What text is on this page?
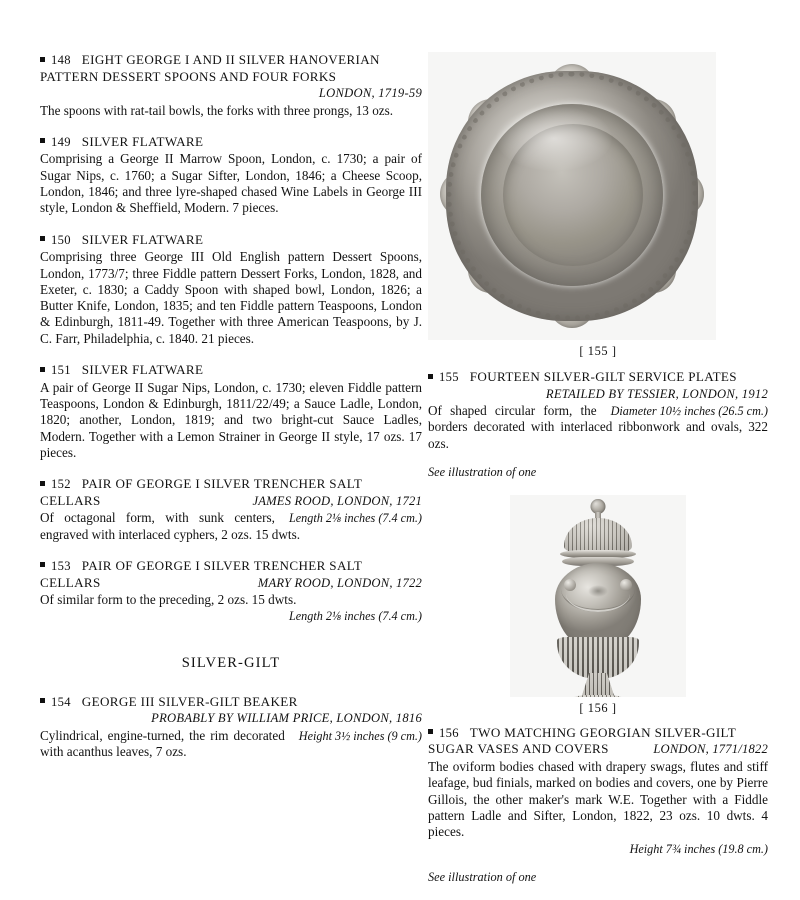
148 EIGHT GEORGE I AND II SILVER HANOVERIAN
PATTERN DESSERT SPOONS AND FOUR FORKS
LONDON, 1719-59
The spoons with rat-tail bowls, the forks with three prongs, 13 ozs.
149 SILVER FLATWARE
Comprising a George II Marrow Spoon, London, c. 1730; a pair of Sugar Nips, c. 1760; a Sugar Sifter, London, 1846; a Cheese Scoop, London, 1846; and three lyre-shaped chased Wine Labels in George III style, London & Sheffield, Modern. 7 pieces.
150 SILVER FLATWARE
Comprising three George III Old English pattern Dessert Spoons, London, 1773/7; three Fiddle pattern Dessert Forks, London, 1828, and Exeter, c. 1830; a Caddy Spoon with shaped bowl, London, 1826; a Butter Knife, London, 1835; and ten Fiddle pattern Teaspoons, London & Edinburgh, 1811-49. Together with three American Teaspoons, by J. C. Farr, Philadelphia, c. 1840. 21 pieces.
151 SILVER FLATWARE
A pair of George II Sugar Nips, London, c. 1730; eleven Fiddle pattern Teaspoons, London & Edinburgh, 1811/22/49; a Sauce Ladle, London, 1820; another, London, 1819; and two bright-cut Sauce Ladles, Modern. Together with a Lemon Strainer in George II style, 17 ozs. 17 pieces.
152 PAIR OF GEORGE I SILVER TRENCHER SALT
CELLARS	JAMES ROOD, LONDON, 1721
Length 2⅛ inches (7.4 cm.)
Of octagonal form, with sunk centers, engraved with interlaced cyphers, 2 ozs. 15 dwts.
153 PAIR OF GEORGE I SILVER TRENCHER SALT
CELLARS	MARY ROOD, LONDON, 1722
Of similar form to the preceding, 2 ozs. 15 dwts.
Length 2⅛ inches (7.4 cm.)
SILVER-GILT
154 GEORGE III SILVER-GILT BEAKER
PROBABLY BY WILLIAM PRICE, LONDON, 1816
Height 3½ inches (9 cm.)
Cylindrical, engine-turned, the rim decorated with acanthus leaves, 7 ozs.
[ 155 ]
155 FOURTEEN SILVER-GILT SERVICE PLATES
RETAILED BY TESSIER, LONDON, 1912
Diameter 10½ inches (26.5 cm.)
Of shaped circular form, the borders decorated with interlaced ribbonwork and ovals, 322 ozs.
See illustration of one
[ 156 ]
156 TWO MATCHING GEORGIAN SILVER-GILT
SUGAR VASES AND COVERS	LONDON, 1771/1822
The oviform bodies chased with drapery swags, flutes and stiff leafage, bud finials, marked on bodies and covers, one by Pierre Gillois, the other maker's mark W.E. Together with a Fiddle pattern Ladle and Sifter, London, 1822, 23 ozs. 10 dwts. 4 pieces.
Height 7¾ inches (19.8 cm.)
See illustration of one
